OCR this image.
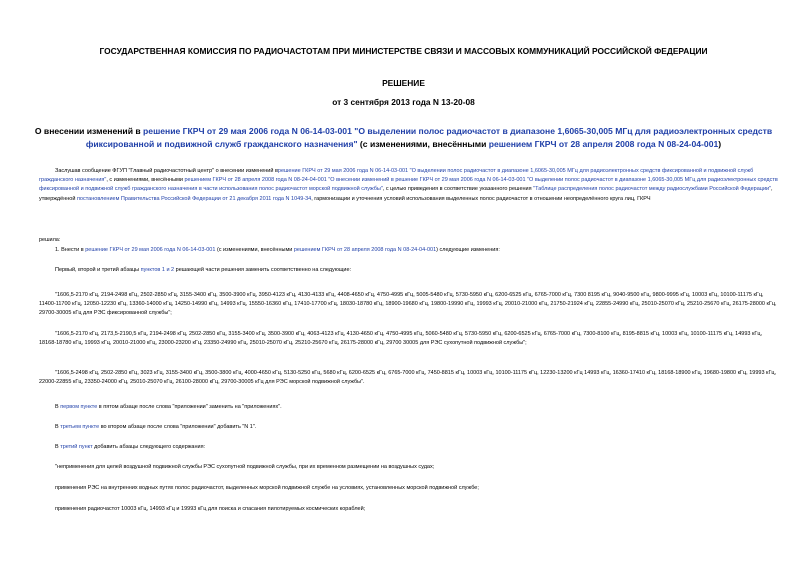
ГОСУДАРСТВЕННАЯ КОМИССИЯ ПО РАДИОЧАСТОТАМ ПРИ МИНИСТЕРСТВЕ СВЯЗИ И МАССОВЫХ КОММУНИКАЦИЙ РОССИЙСКОЙ ФЕДЕРАЦИИ
РЕШЕНИЕ
от 3 сентября 2013 года N 13-20-08
О внесении изменений в решение ГКРЧ от 29 мая 2006 года N 06-14-03-001 "О выделении полос радиочастот в диапазоне 1,6065-30,005 МГц для радиоэлектронных средств фиксированной и подвижной служб гражданского назначения" (с изменениями, внесёнными решением ГКРЧ от 28 апреля 2008 года N 08-24-04-001)

Заслушав сообщение ФГУП "Главный радиочастотный центр" о внесении изменений врешение ГКРЧ от 29 мая 2006 года N 06-14-03-001 "О выделении полос радиочастот в диапазоне 1,6065-30,005 МГц для радиоэлектронных средств фиксированной и подвижной служб гражданского назначения", с изменениями, внесёнными решением ГКРЧ от 28 апреля 2008 года N 08-24-04-001 "О внесении изменений в решение ГКРЧ от 29 мая 2006 года N 06-14-03-001 "О выделении полос радиочастот в диапазоне 1,6065-30,005 МГц для радиоэлектронных средств фиксированной и подвижной служб гражданского назначения в части использования полос радиочастот морской подвижной службы", с целью приведения в соответствие указанного решения "Таблице распределения полос радиочастот между радиослужбами Российской Федерации", утверждённой постановлением Правительства Российской Федерации от 21 декабря 2011 года N 1049-34, гармонизации и уточнения условий использования выделенных полос радиочастот в отношении неопределённого круга лиц, ГКРЧ

решила:
1. Внести в решение ГКРЧ от 29 мая 2006 года N 06-14-03-001 (с изменениями, внесёнными решением ГКРЧ от 28 апреля 2008 года N 08-24-04-001) следующие изменения:
Первый, второй и третий абзацы пунктов 1 и 2 решающей части решения заменить соответственно на следующие:

"1606,5-2170 кГц, 2194-2498 кГц, 2502-2850 кГц, 3155-3400 кГц, 3500-3900 кГц, 3950-4123 кГц, 4130-4133 кГц, 4408-4650 кГц, 4750-4995 кГц, 5005-5480 кГц, 5730-5950 кГц, 6200-6525 кГц, 6765-7000 кГц, 7300 8195 кГц, 9040-9500 кГц, 9800-9995 кГц, 10003 кГц, 10100-11175 кГц, 11400-11700 кГц, 12050-12230 кГц, 13360-14000 кГц, 14250-14990 кГц, 14993 кГц, 15550-16360 кГц, 17410-17700 кГц, 18030-18780 кГц, 18900-19680 кГц, 19800-19990 кГц, 19993 кГц, 20010-21000 кГц, 21750-21924 кГц, 22855-24990 кГц, 25010-25070 кГц, 25210-25670 кГц, 26175-28000 кГц, 29700-30005 кГц для РЭС фиксированной службы";

"1606,5-2170 кГц, 2173,5-2190,5 кГц, 2194-2498 кГц, 2502-2850 кГц, 3155-3400 кГц, 3500-3900 кГц, 4063-4123 кГц, 4130-4650 кГц, 4750-4995 кГц, 5060-5480 кГц, 5730-5950 кГц, 6200-6525 кГц, 6765-7000 кГц, 7300-8100 кГц, 8195-8815 кГц, 10003 кГц, 10100-11175 кГц, 14993 кГц, 18168-18780 кГц, 19993 кГц, 20010-21000 кГц, 23000-23200 кГц, 23350-24990 кГц, 25010-25070 кГц, 25210-25670 кГц, 26175-28000 кГц, 29700 30005 для РЭС сухопутной подвижной службы";

"1606,5-2498 кГц, 2502-2850 кГц, 3023 кГц, 3155-3400 кГц, 3500-3800 кГц, 4000-4650 кГц, 5130-5250 кГц, 5680 кГц, 6200-6525 кГц, 6765-7000 кГц, 7450-8815 кГц, 10003 кГц, 10100-11175 кГц, 12230-13200 кГц 14993 кГц, 16360-17410 кГц, 18168-18900 кГц, 19680-19800 кГц, 19993 кГц, 22000-22855 кГц, 23350-24000 кГц, 25010-25070 кГц, 26100-28000 кГц, 29700-30005 кГц для РЭС морской подвижной службы".

В первом пункте в пятом абзаце после слова "приложении" заменить на "приложениях".
В третьем пункте во втором абзаце после слова "приложении" добавить "N 1".
В третий пункт добавить абзацы следующего содержания:
"неприменения для целей воздушной подвижной службы РЭС сухопутной подвижной службы, при их временном размещении на воздушных судах;
применения РЭС на внутренних водных путях полос радиочастот, выделенных морской подвижной службе на условиях, установленных морской подвижной службе;
применения радиочастот 10003 кГц, 14993 кГц и 19993 кГц для поиска и спасания пилотируемых космических кораблей;
